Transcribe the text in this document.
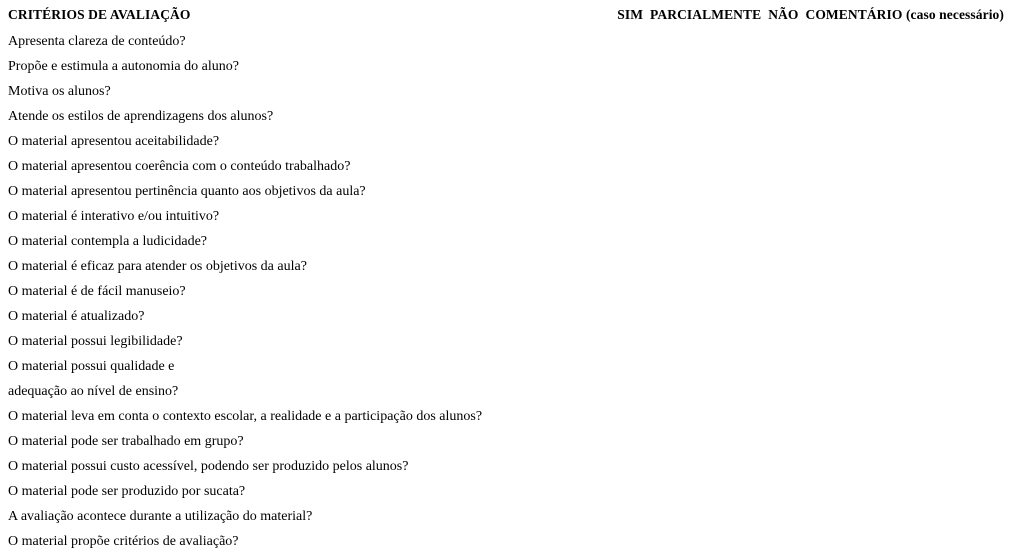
CRITÉRIOS DE AVALIAÇÃO	SIM
PARCIALMENTE
NÃO
COMENTÁRIO (caso necessário)
Apresenta clareza de conteúdo?
Propõe e estimula a autonomia do aluno?
Motiva os alunos?
Atende os estilos de aprendizagens dos alunos?
O material apresentou aceitabilidade?
O material apresentou coerência com o conteúdo trabalhado?
O material apresentou pertinência quanto aos objetivos da aula?
O material é interativo e/ou intuitivo?
O material contempla a ludicidade?
O material é eficaz para atender os objetivos da aula?
O material é de fácil manuseio?
O material é atualizado?
O material possui legibilidade?
O material possui qualidade e
adequação ao nível de ensino?
O material leva em conta o contexto escolar, a realidade e a participação dos alunos?
O material pode ser trabalhado em grupo?
O material possui custo acessível, podendo ser produzido pelos alunos?
O material pode ser produzido por sucata?
A avaliação acontece durante a utilização do material?
O material propõe critérios de avaliação?
